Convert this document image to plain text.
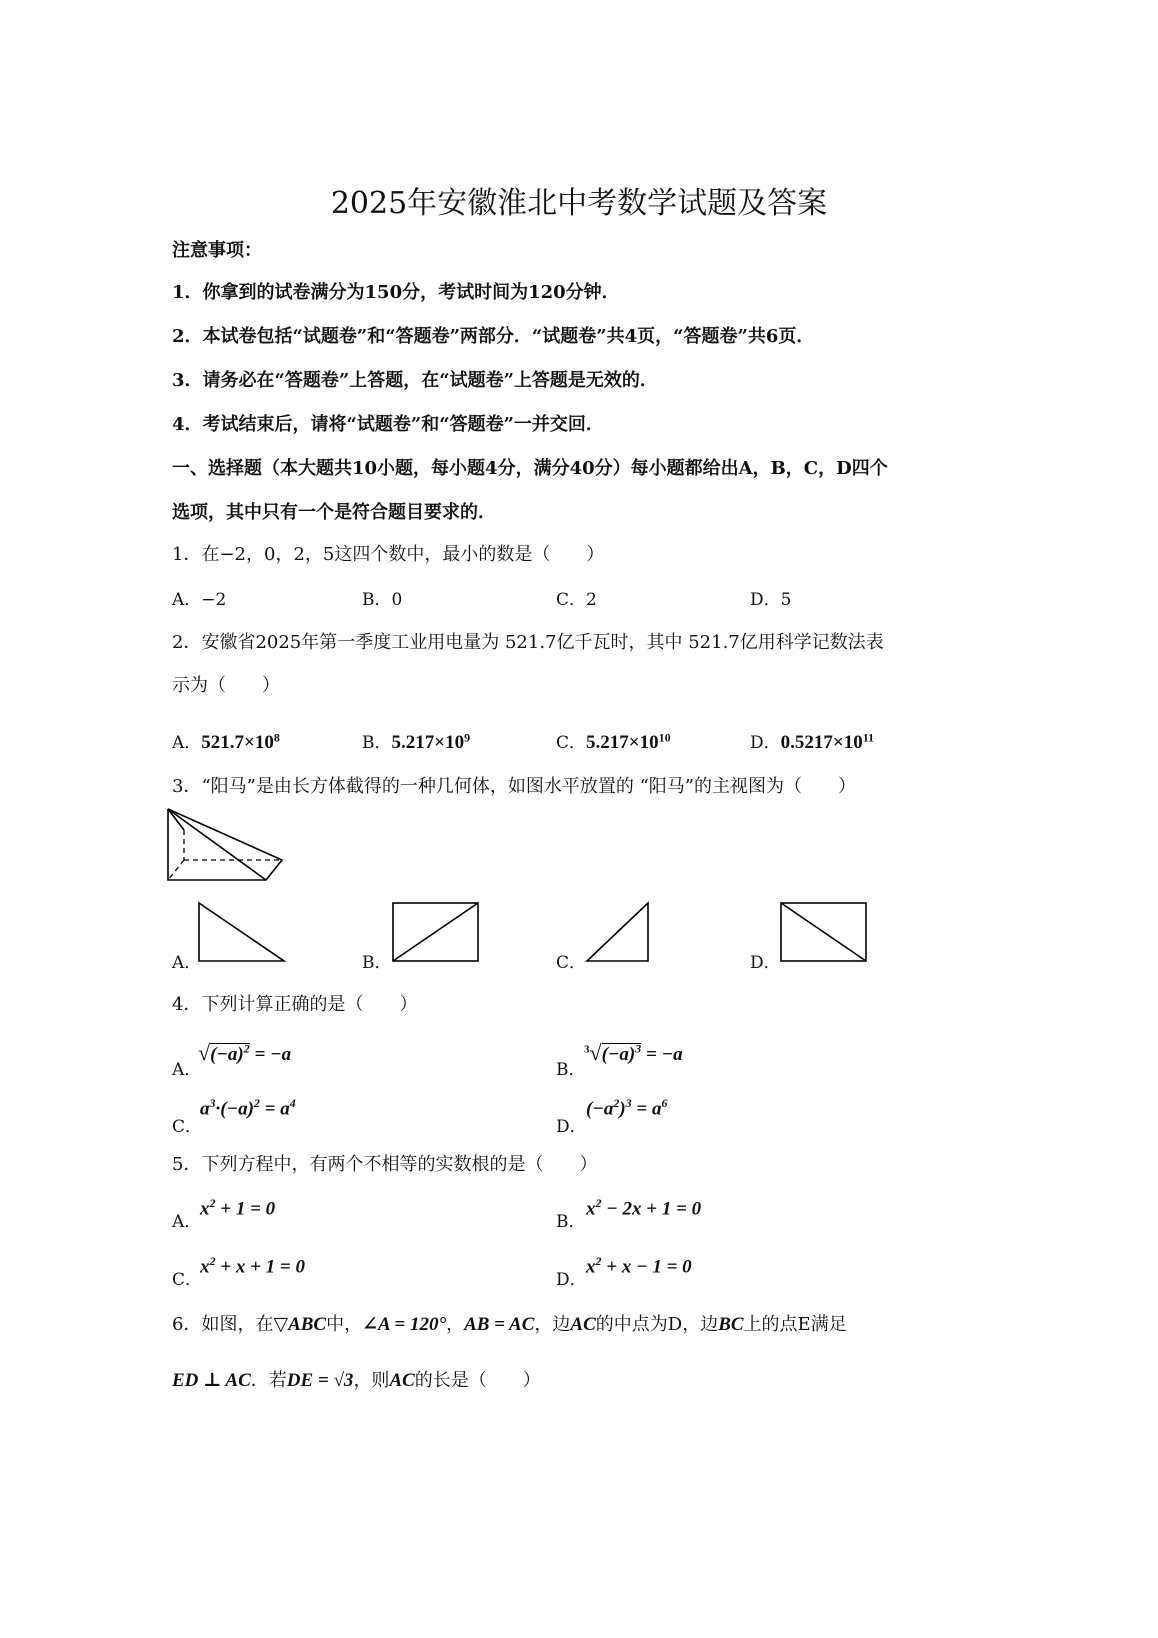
2025年安徽淮北中考数学试题及答案
注意事项：
1．你拿到的试卷满分为150分，考试时间为120分钟．
2．本试卷包括“试题卷”和“答题卷”两部分．“试题卷”共4页，“答题卷”共6页．
3．请务必在“答题卷”上答题，在“试题卷”上答题是无效的．
4．考试结束后，请将“试题卷”和“答题卷”一并交回．
一、选择题（本大题共10小题，每小题4分，满分40分）每小题都给出A，B，C，D四个
选项，其中只有一个是符合题目要求的．
1．在−2，0，2，5这四个数中，最小的数是（　　）
A．−2	B．0	C．2	D．5
2．安徽省2025年第一季度工业用电量为 521.7亿千瓦时，其中 521.7亿用科学记数法表
示为（　　）
A．$521.7\times 10^8$	B．$5.217\times 10^9$	C．$5.217\times 10^{10}$	D．$0.5217\times 10^{11}$
3．“阳马”是由长方体截得的一种几何体，如图水平放置的 “阳马”的主视图为（　　）
A．	B．	C．	D．
4．下列计算正确的是（　　）
A．
$√(-a)^2 = -a$
B．
$^3√(-a)^3 = -a$
C．
$a^3\cdot(-a)^2 = a^4$
D．
$(-a^2)^3 = a^6$
5．下列方程中，有两个不相等的实数根的是（　　）
A．
$x^2 + 1 = 0$
B．
$x^2 - 2x + 1 = 0$
C．
$x^2 + x + 1 = 0$
D．
$x^2 + x - 1 = 0$
6．如图，在▽ABC中，∠A = 120°，AB = AC，边AC的中点为D，边BC上的点E满足
ED ⊥ AC．若DE = √3，则AC的长是（　　）
